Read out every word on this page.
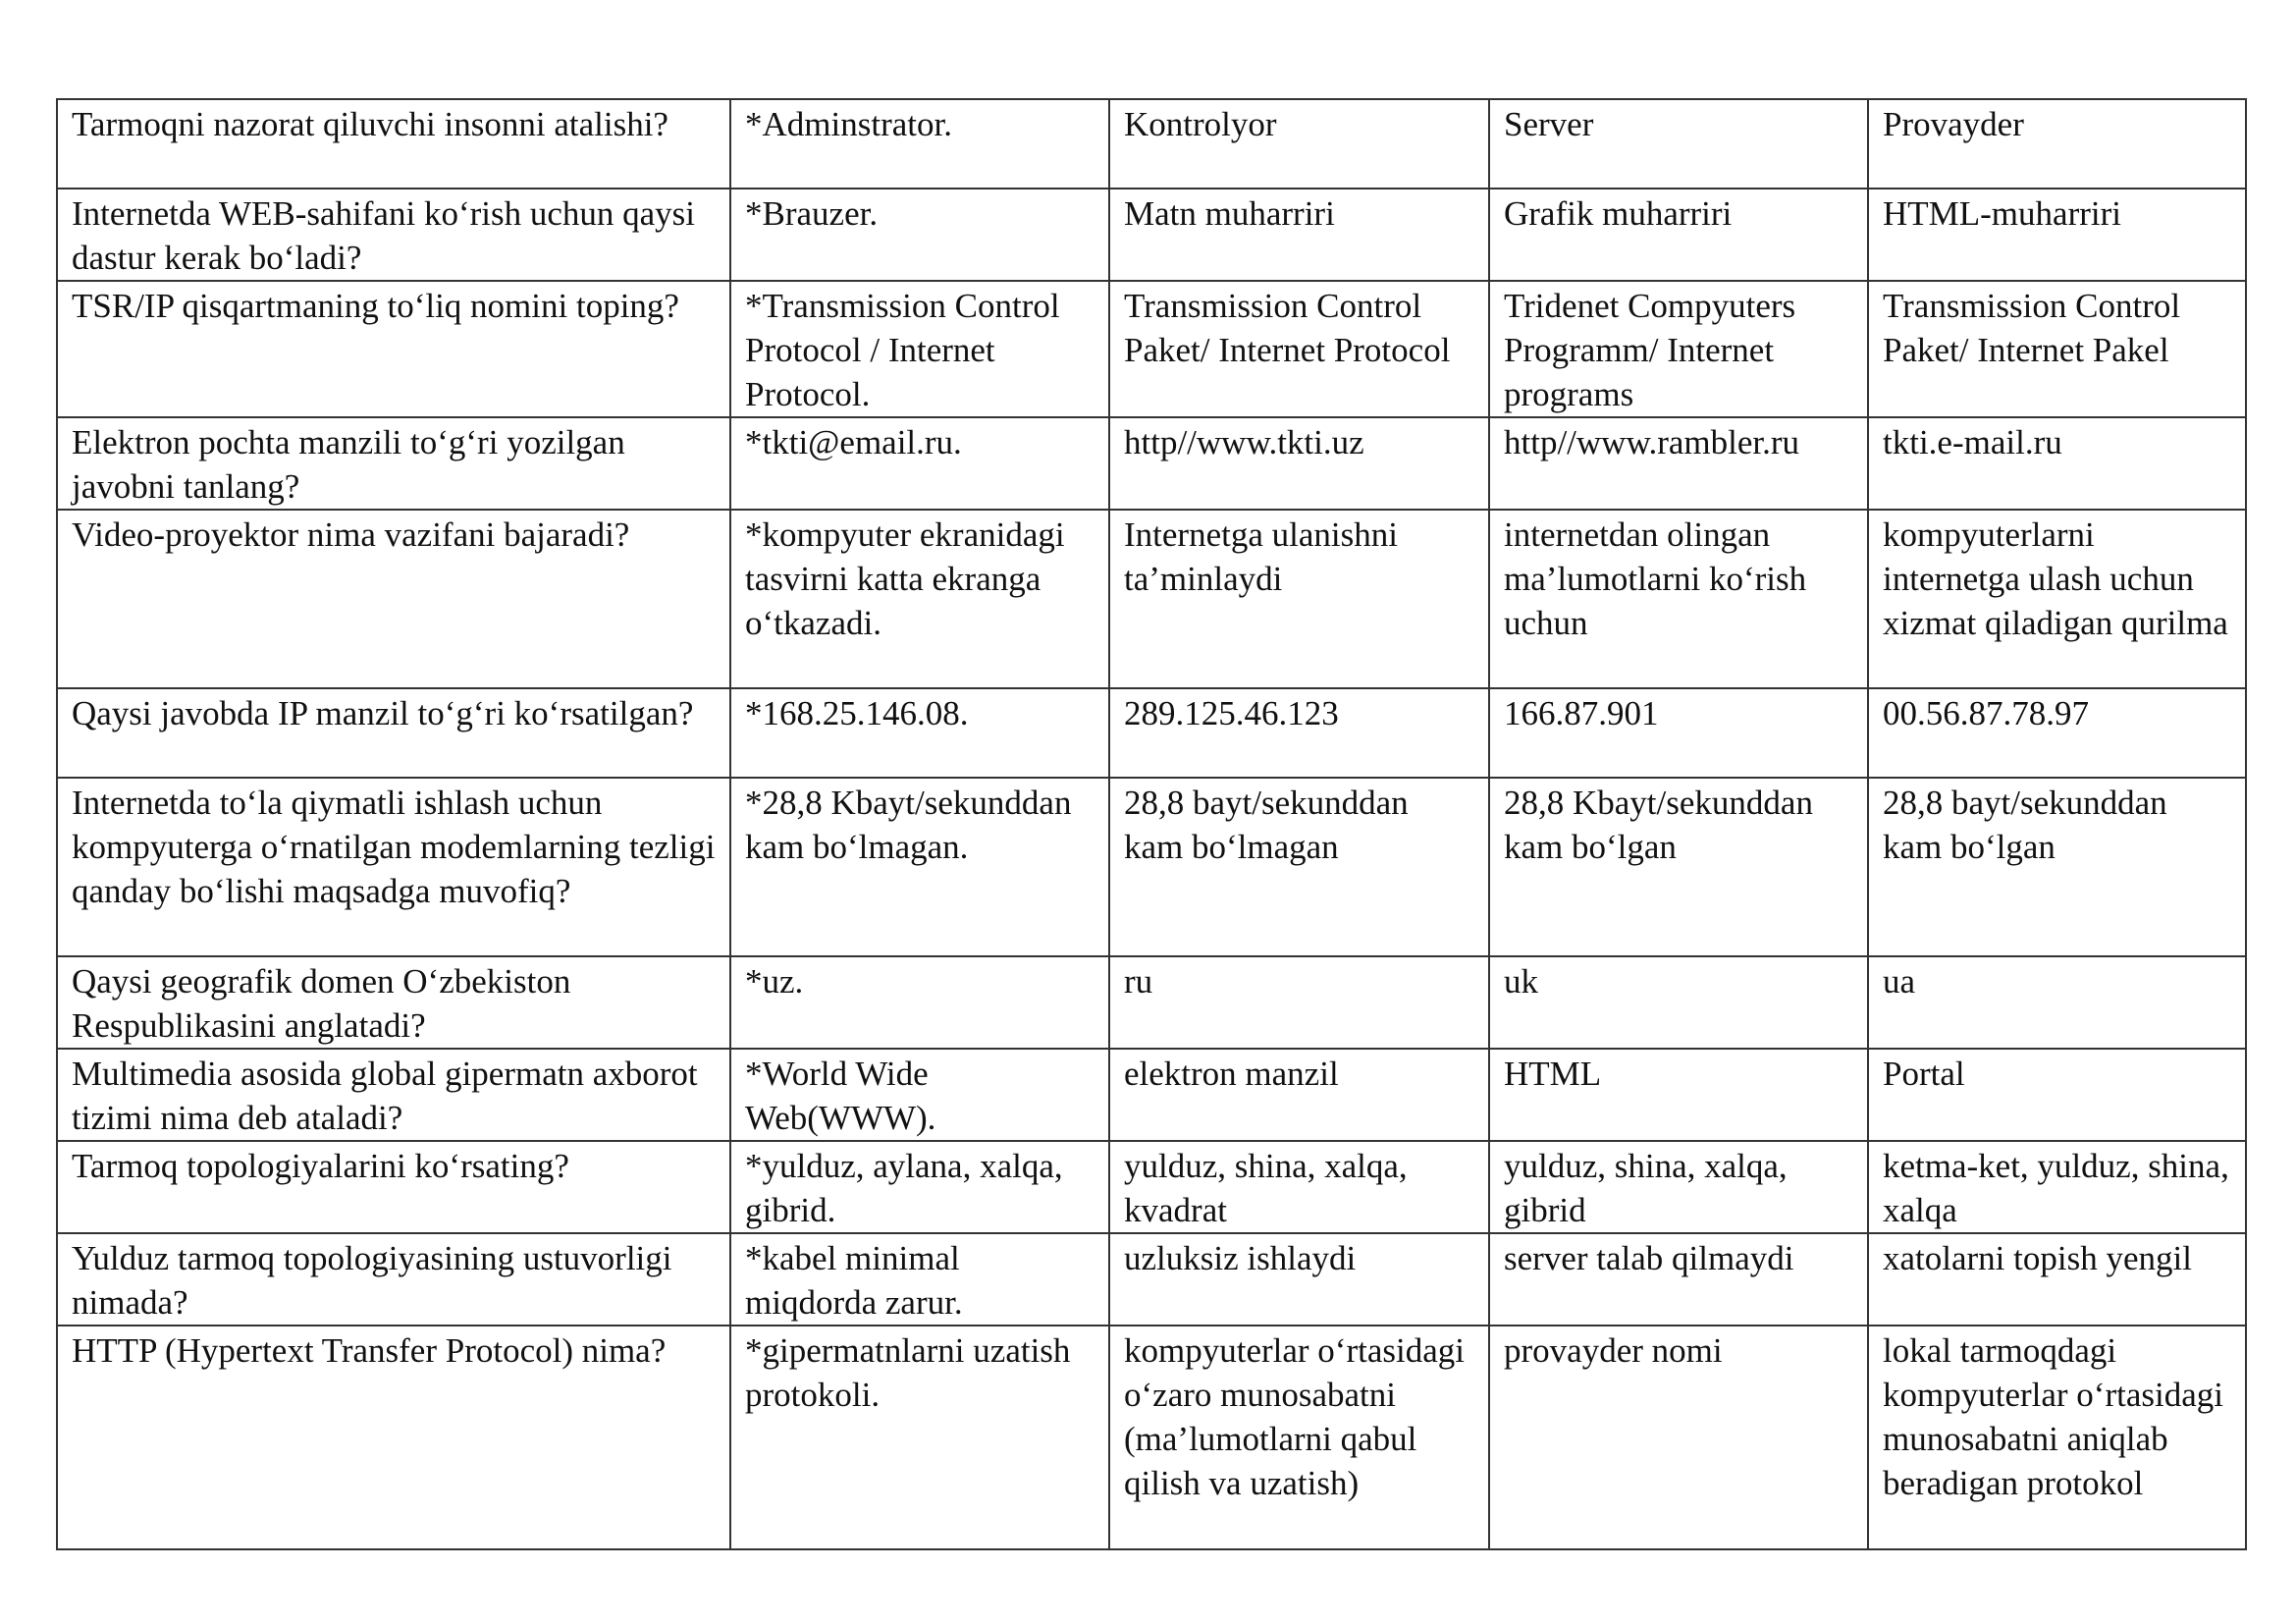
Tarmoqni nazorat qiluvchi insonni atalishi?	*Adminstrator.	Kontrolyor	Server	Provayder
Internetda WEB-sahifani ko‘rish uchun qaysi dastur kerak bo‘ladi?	*Brauzer.	Matn muharriri	Grafik muharriri	HTML-muharriri
TSR/IP qisqartmaning to‘liq nomini toping?	*Transmission Control Protocol / Internet Protocol.	Transmission Control Paket/ Internet Protocol	Tridenet Compyuters Programm/ Internet programs	Transmission Control Paket/ Internet Pakel
Elektron pochta manzili to‘g‘ri yozilgan javobni tanlang?	*tkti@email.ru.	http//www.tkti.uz	http//www.rambler.ru	tkti.e-mail.ru
Video-proyektor nima vazifani bajaradi?	*kompyuter ekranidagi tasvirni katta ekranga o‘tkazadi.	Internetga ulanishni ta’minlaydi	internetdan olingan ma’lumotlarni ko‘rish uchun	kompyuterlarni internetga ulash uchun xizmat qiladigan qurilma
Qaysi javobda IP manzil to‘g‘ri ko‘rsatilgan?	*168.25.146.08.	289.125.46.123	166.87.901	00.56.87.78.97
Internetda to‘la qiymatli ishlash uchun kompyuterga o‘rnatilgan modemlarning tezligi qanday bo‘lishi maqsadga muvofiq?	*28,8 Kbayt/sekunddan kam bo‘lmagan.	28,8 bayt/sekunddan kam bo‘lmagan	28,8 Kbayt/sekunddan kam bo‘lgan	28,8 bayt/sekunddan kam bo‘lgan
Qaysi geografik domen O‘zbekiston Respublikasini anglatadi?	*uz.	ru	uk	ua
Multimedia asosida global gipermatn axborot tizimi nima deb ataladi?	*World Wide Web(WWW).	elektron manzil	HTML	Portal
Tarmoq topologiyalarini ko‘rsating?	*yulduz, aylana, xalqa, gibrid.	yulduz, shina, xalqa, kvadrat	yulduz, shina, xalqa, gibrid	ketma-ket, yulduz, shina, xalqa
Yulduz tarmoq topologiyasining ustuvorligi nimada?	*kabel minimal miqdorda zarur.	uzluksiz ishlaydi	server talab qilmaydi	xatolarni topish yengil
HTTP (Hypertext Transfer Protocol) nima?	*gipermatnlarni uzatish protokoli.	kompyuterlar o‘rtasidagi o‘zaro munosabatni (ma’lumotlarni qabul qilish va uzatish)	provayder nomi	lokal tarmoqdagi kompyuterlar o‘rtasidagi munosabatni aniqlab beradigan protokol
